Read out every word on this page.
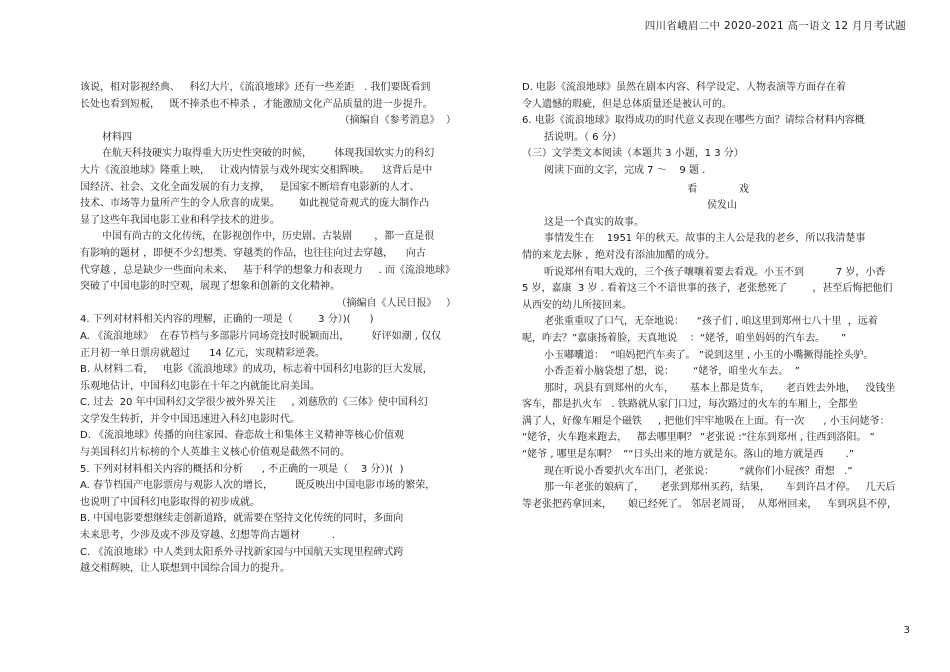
四川省峨眉二中 2020-2021 高一语文 12 月月考试题
该说，相对影视经典、   科幻大片，《流浪地球》还有一些差距   . 我们要既看到
长处也看到短板，   既不捧杀也不棒杀 ，才能激励文化产品质量的进一步提升。
（摘编自《参考消息》  ）
材料四
在航天科技硬实力取得重大历史性突破的时候，       体现我国软实力的科幻
大片《流浪地球》隆重上映，   让戏内情景与戏外现实交相辉映。    这背后是中
国经济、社会、文化全面发展的有力支撑，   是国家不断培育电影新的人才、
技术、市场等力量所产生的令人欣喜的成果。      如此视觉奇观式的庞大制作凸
显了这些年我国电影工业和科学技术的进步。
中国有尚古的文化传统，在影视创作中，历史剧、古装剧       ，都一直是很
有影响的题材 ，即便不少幻想类、穿越类的作品，也往往向过去穿越，    向古
代穿越 ，总是缺少一些面向未来、   基于科学的想象力和表现力     . 而《流浪地球》
突破了中国电影的时空观，展现了想象和创新的文化精神。
（摘编自《人民日报》   ）
4. 下列对材料相关内容的理解，正确的一项是（        3 分）)(      )
A. 《流浪地球》  在春节档与多部影片同场竞技时脱颖而出，       好评如潮 , 仅仅
正月初一单日票房就超过      14 亿元，实现精彩逆袭。
B. 从材料二看，   电影《流浪地球》的成功，标志着中国科幻电影的巨大发展，
乐观地估计，中国科幻电影在十年之内就能比肩美国。
C. 过去  20 年中国科幻文学很少被外界关注     , 刘慈欣的《三体》使中国科幻
文学发生转折，并令中国迅速进入科幻电影时代。
D. 《流浪地球》传播的向往家园、眷恋故土和集体主义精神等核心价值观
与美国科幻片标榜的个人英雄主义核心价值观是截然不同的。
5. 下列对材料相关内容的概括和分析      , 不正确的一项是（    3 分）)(  )
A. 春节档国产电影票房与观影人次的增长，       既反映出中国电影市场的繁荣，
也说明了中国科幻电影取得的初步成就。
B. 中国电影要想继续走创新道路，就需要在坚持文化传统的同时，多面向
未来思考，少涉及或不涉及穿越、幻想等尚古题材          .
C. 《流浪地球》中人类到太阳系外寻找新家园与中国航天实现里程碑式跨
越交相辉映，让人联想到中国综合国力的提升。
D. 电影《流浪地球》虽然在剧本内容、科学设定、人物表演等方面存在着
令人遗憾的瑕疵，但是总体质量还是被认可的。
6. 电影《流浪地球》取得成功的时代意义表现在哪些方面？请综合材料内容概
括说明。（ 6 分）
（三）文学类文本阅读（本题共 3 小题，1 3 分）
阅读下面的文字，完成 7 ～    9 题 .
看   戏
侯发山
这是一个真实的故事。
事情发生在    1951 年的秋天。故事的主人公是我的老乡，所以我清楚事
情的来龙去脉 ，绝对没有添油加醋的成分。
听说郑州有唱大戏的，三个孩子嚷嚷着要去看戏。小玉不到          7 岁，小香
5 岁，嘉康  3 岁 . 看着这三个不谙世事的孩子，老张愁死了        ，甚至后悔把他们
从西安的幼儿所接回来。
老张重重叹了口气，无奈地说：    “孩子们 , 咱这里到郑州七八十里  ，远着
呢，咋去？”嘉康扬着脸，天真地说    ：“姥爷，咱坐妈妈的汽车去。     ”
小玉嘟囔道：  “咱妈把汽车卖了。 ”说到这里 , 小玉的小嘴撅得能拴头驴。
小香歪着小脑袋想了想，说：      “姥爷，咱坐火车去。  ”
那时，巩县有到郑州的火车，     基本上都是货车，     老百姓去外地，   没钱坐
客车，都是扒火车   . 铁路就从家门口过，每次路过的火车的车厢上，全都坐
满了人，好像车厢是个磁铁     , 把他们牢牢地吸在上面。有一次      , 小玉问姥爷：
“姥爷，火车跑来跑去，   都去哪里啊？ ”老张说 :“往东到郑州 , 往西到洛阳。 ”
“姥爷 , 哪里是东啊？  ”“日头出来的地方就是东。落山的地方就是西       .”
现在听说小香要扒火车出门，老张说：        “就你们小屁孩？甭想   .”
那一年老张的娘病了，     老张到郑州买药，结果，     车到许昌才停。   几天后
等老张把药拿回来，     娘已经死了。 邻居老周哥，  从郑州回来，   车到巩县不停，
3
